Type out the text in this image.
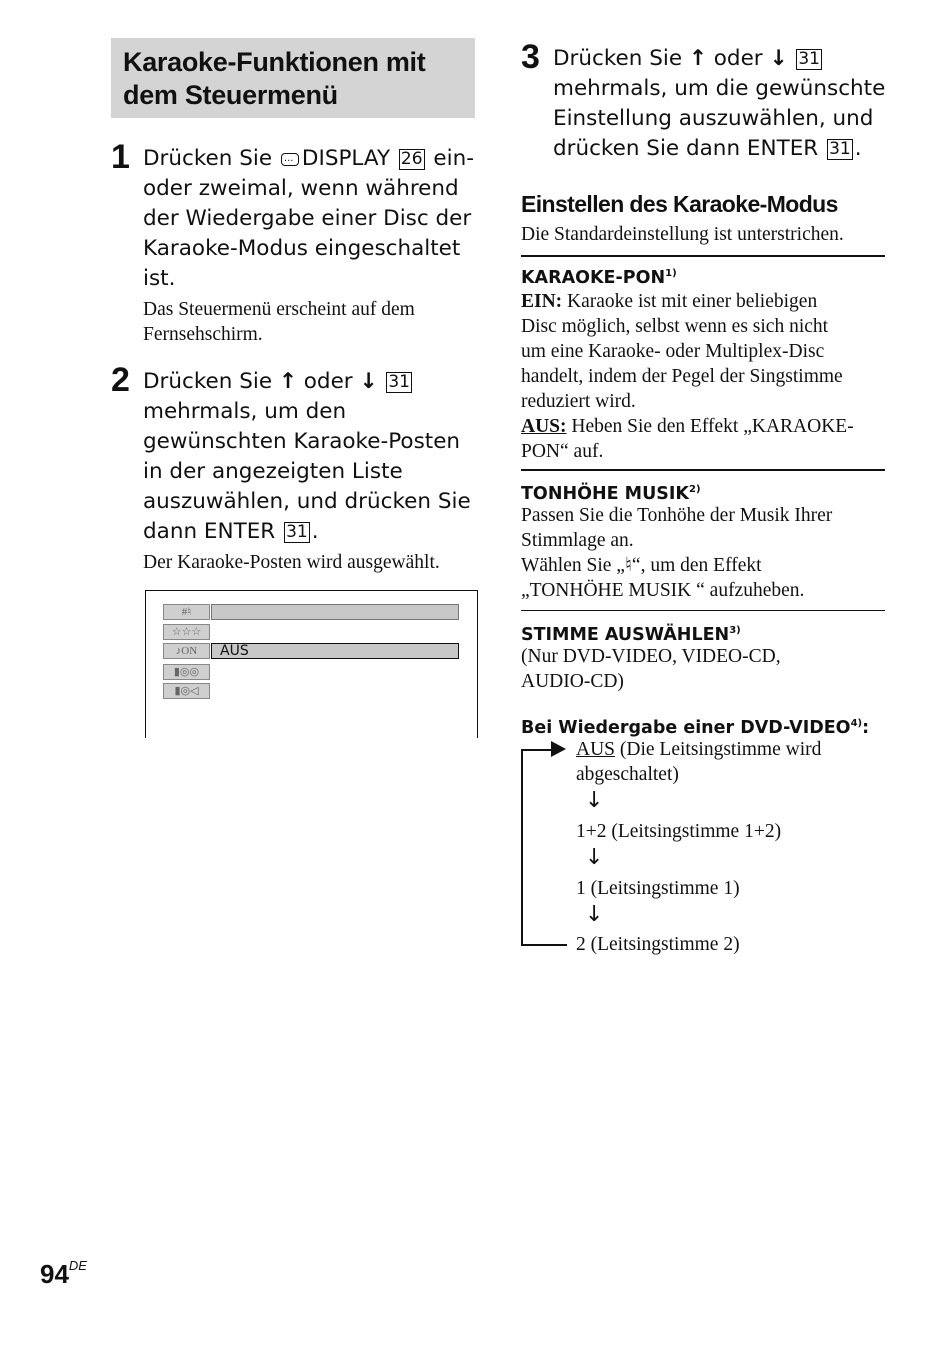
Karaoke-Funktionen mit dem Steuermenü
1 Drücken Sie ··· DISPLAY 26 ein-
oder zweimal, wenn während
der Wiedergabe einer Disc der
Karaoke-Modus eingeschaltet
ist.
Das Steuermenü erscheint auf dem
Fernsehschirm.
2 Drücken Sie ↑ oder ↓ 31
mehrmals, um den
gewünschten Karaoke-Posten
in der angezeigten Liste
auszuwählen, und drücken Sie
dann ENTER 31 .
Der Karaoke-Posten wird ausgewählt.
#♮
☆☆☆
♪ON	AUS
▮◎◎
▮◎◁
3 Drücken Sie ↑ oder ↓ 31
mehrmals, um die gewünschte
Einstellung auszuwählen, und
drücken Sie dann ENTER 31 .
Einstellen des Karaoke-Modus
Die Standardeinstellung ist unterstrichen.
KARAOKE-PON$^{1)}$
EIN: Karaoke ist mit einer beliebigen
Disc möglich, selbst wenn es sich nicht
um eine Karaoke- oder Multiplex-Disc
handelt, indem der Pegel der Singstimme
reduziert wird.
AUS: Heben Sie den Effekt „KARAOKE-
PON“ auf.
TONHÖHE MUSIK$^{2)}$
Passen Sie die Tonhöhe der Musik Ihrer
Stimmlage an.
Wählen Sie „♮“, um den Effekt
„TONHÖHE MUSIK “ aufzuheben.
STIMME AUSWÄHLEN$^{3)}$
(Nur DVD-VIDEO, VIDEO-CD,
AUDIO-CD)
Bei Wiedergabe einer DVD-VIDEO$^{4)}$:
AUS (Die Leitsingstimme wird
abgeschaltet)
↓
1+2 (Leitsingstimme 1+2)
↓
1 (Leitsingstimme 1)
↓
2 (Leitsingstimme 2)
94DE
